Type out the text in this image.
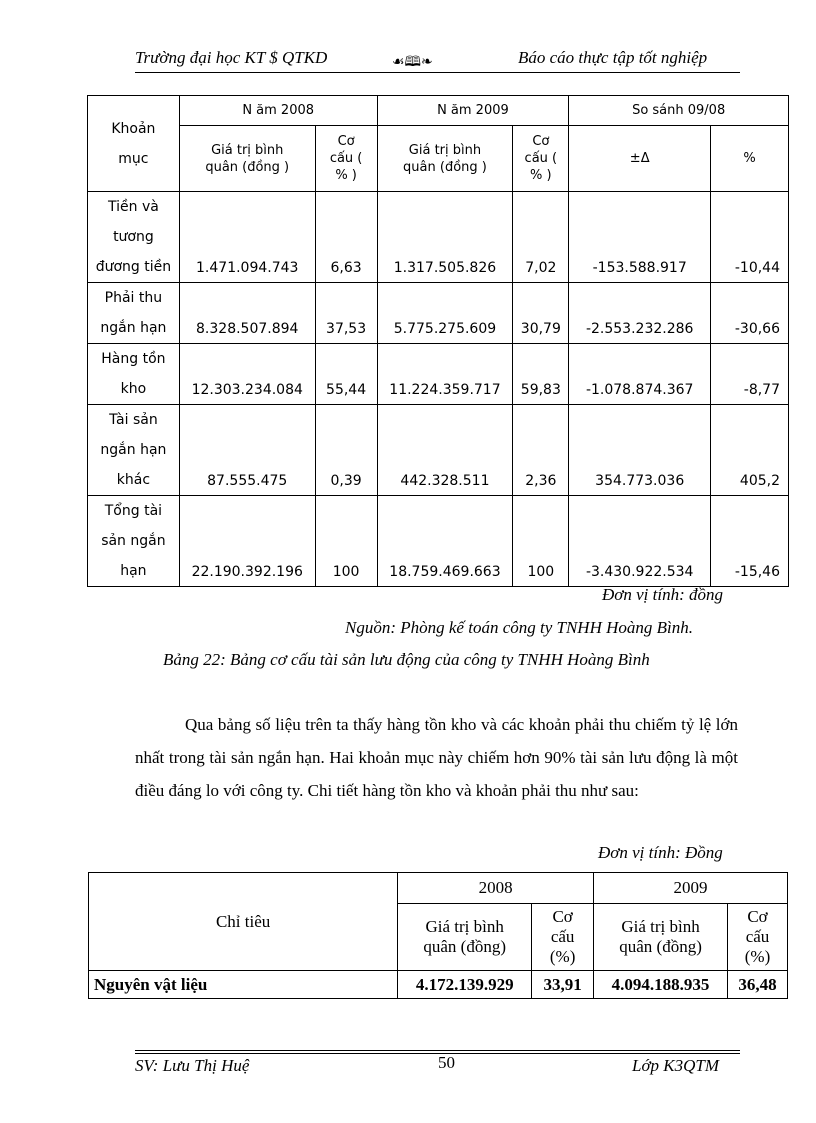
Trường đại học KT $ QTKD	☙🕮❧	Báo cáo thực tập tốt nghiệp
Khoản mục	N ăm 2008		N ăm 2009		So sánh 09/08	
	Giá trị bình quân (đồng )	Cơ cấu ( % )	Giá trị bình quân (đồng )	Cơ cấu ( % )	±Δ	%

Tiền và
tương
đương tiền	1.471.094.743	6,63	1.317.505.826	7,02	-153.588.917	-10,44

Phải thu
ngắn hạn	8.328.507.894	37,53	5.775.275.609	30,79	-2.553.232.286	-30,66

Hàng tồn
kho	12.303.234.084	55,44	11.224.359.717	59,83	-1.078.874.367	-8,77

Tài sản
ngắn hạn
khác	87.555.475	0,39	442.328.511	2,36	354.773.036	405,2

Tổng tài
sản ngắn
hạn	22.190.392.196	100	18.759.469.663	100	-3.430.922.534	-15,46
Đơn vị tính: đồng
Nguồn: Phòng kế toán công ty TNHH Hoàng Bình.
Bảng 22: Bảng cơ cấu tài sản lưu động của công ty TNHH Hoàng Bình

Qua bảng số liệu trên ta thấy hàng tồn kho và các khoản phải thu chiếm tỷ lệ lớn nhất trong tài sản ngắn hạn. Hai khoản mục này chiếm hơn 90% tài sản lưu động là một điều đáng lo với công ty. Chi tiết hàng tồn kho và khoản phải thu như sau:

Đơn vị tính: Đồng
Chỉ tiêu	2008		2009	
	Giá trị bình quân (đồng)	Cơ cấu (%)	Giá trị bình quân (đồng)	Cơ cấu (%)
Nguyên vật liệu	4.172.139.929	33,91	4.094.188.935	36,48
SV: Lưu Thị Huệ	50	Lớp K3QTM
